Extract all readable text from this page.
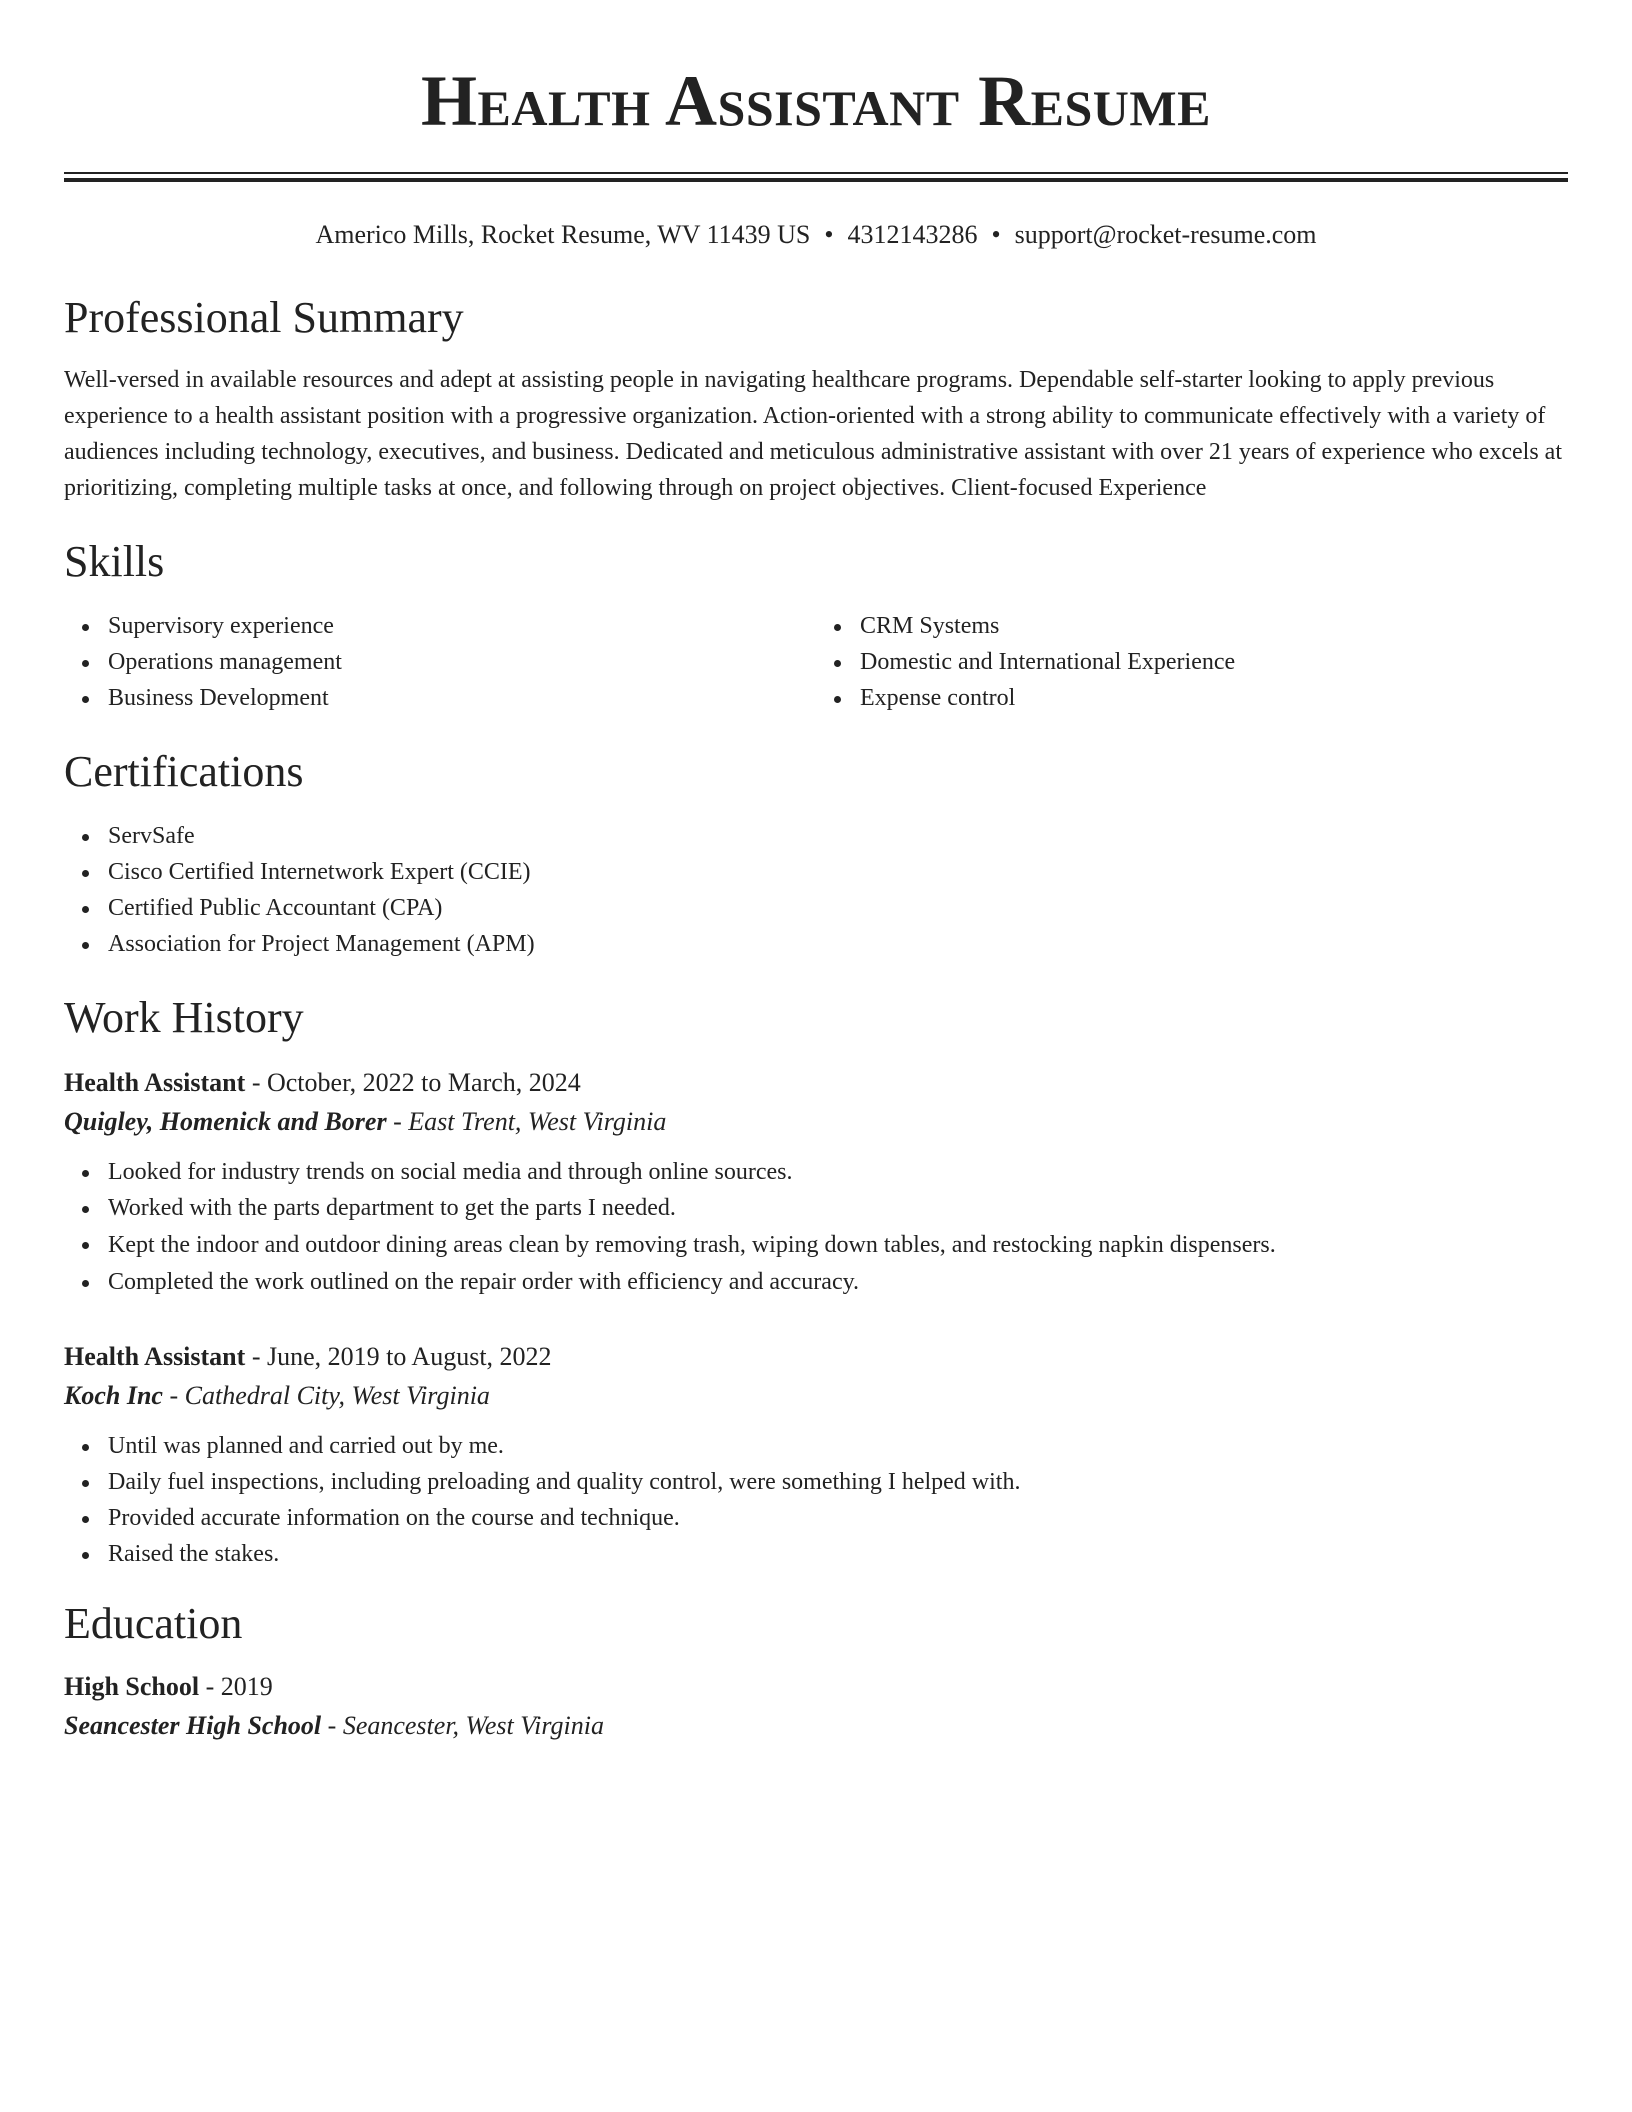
Health Assistant Resume
Americo Mills, Rocket Resume, WV 11439 US • 4312143286 • support@rocket-resume.com
Professional Summary

Well-versed in available resources and adept at assisting people in navigating healthcare programs. Dependable self-starter looking to apply previous experience to a health assistant position with a progressive organization. Action-oriented with a strong ability to communicate effectively with a variety of audiences including technology, executives, and business. Dedicated and meticulous administrative assistant with over 21 years of experience who excels at prioritizing, completing multiple tasks at once, and following through on project objectives. Client-focused Experience

Skills
Supervisory experience
Operations management
Business Development
CRM Systems
Domestic and International Experience
Expense control
Certifications
ServSafe
Cisco Certified Internetwork Expert (CCIE)
Certified Public Accountant (CPA)
Association for Project Management (APM)
Work History
Health Assistant - October, 2022 to March, 2024
Quigley, Homenick and Borer - East Trent, West Virginia
Looked for industry trends on social media and through online sources.
Worked with the parts department to get the parts I needed.
Kept the indoor and outdoor dining areas clean by removing trash, wiping down tables, and restocking napkin dispensers.
Completed the work outlined on the repair order with efficiency and accuracy.
Health Assistant - June, 2019 to August, 2022
Koch Inc - Cathedral City, West Virginia
Until was planned and carried out by me.
Daily fuel inspections, including preloading and quality control, were something I helped with.
Provided accurate information on the course and technique.
Raised the stakes.
Education
High School - 2019
Seancester High School - Seancester, West Virginia
